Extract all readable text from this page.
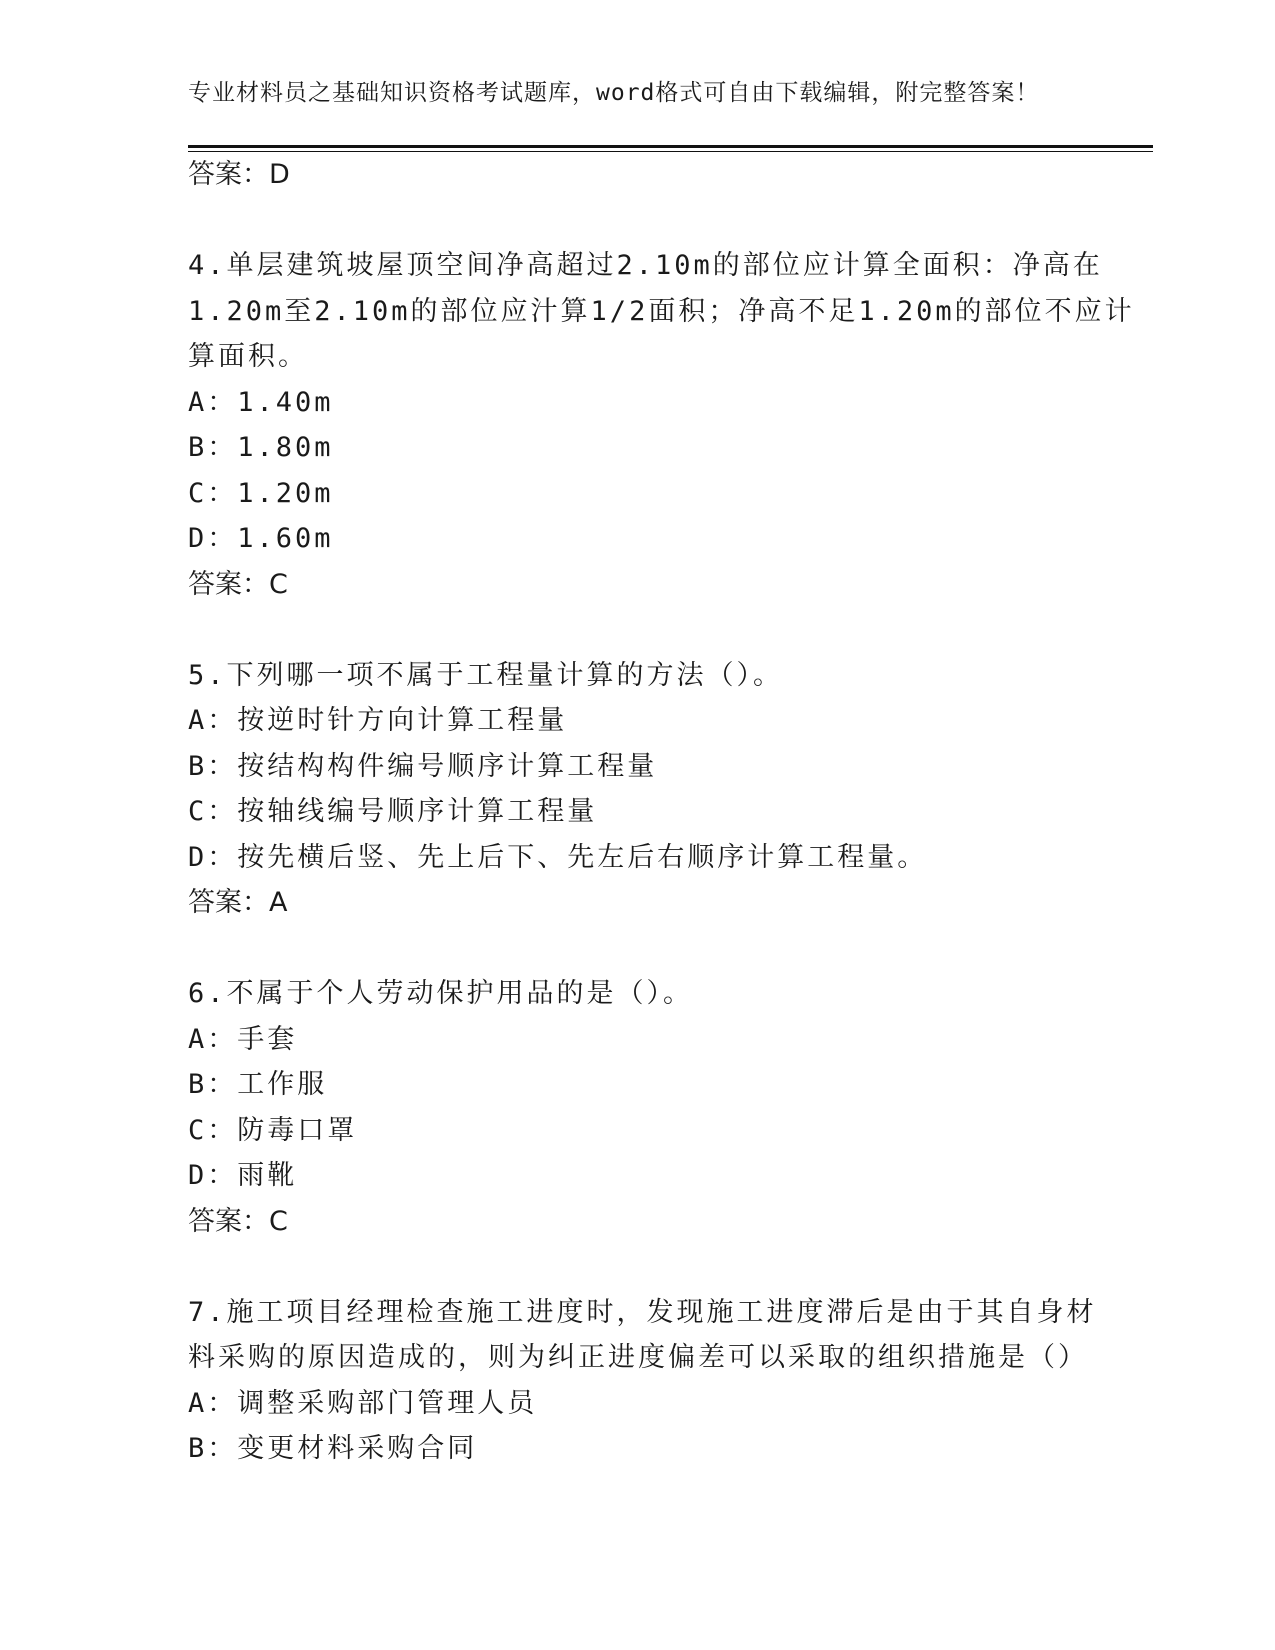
专业材料员之基础知识资格考试题库，word格式可自由下载编辑，附完整答案！
答案：D
4.单层建筑坡屋顶空间净高超过2.10m的部位应计算全面积：净高在
1.20m至2.10m的部位应汁算1/2面积；净高不足1.20m的部位不应计
算面积。
A：1.40m
B：1.80m
C：1.20m
D：1.60m
答案：C
5.下列哪一项不属于工程量计算的方法（）。
A：按逆时针方向计算工程量
B：按结构构件编号顺序计算工程量
C：按轴线编号顺序计算工程量
D：按先横后竖、先上后下、先左后右顺序计算工程量。
答案：A
6.不属于个人劳动保护用品的是（）。
A：手套
B：工作服
C：防毒口罩
D：雨靴
答案：C
7.施工项目经理检查施工进度时，发现施工进度滞后是由于其自身材
料采购的原因造成的，则为纠正进度偏差可以采取的组织措施是（）
A：调整采购部门管理人员
B：变更材料采购合同
